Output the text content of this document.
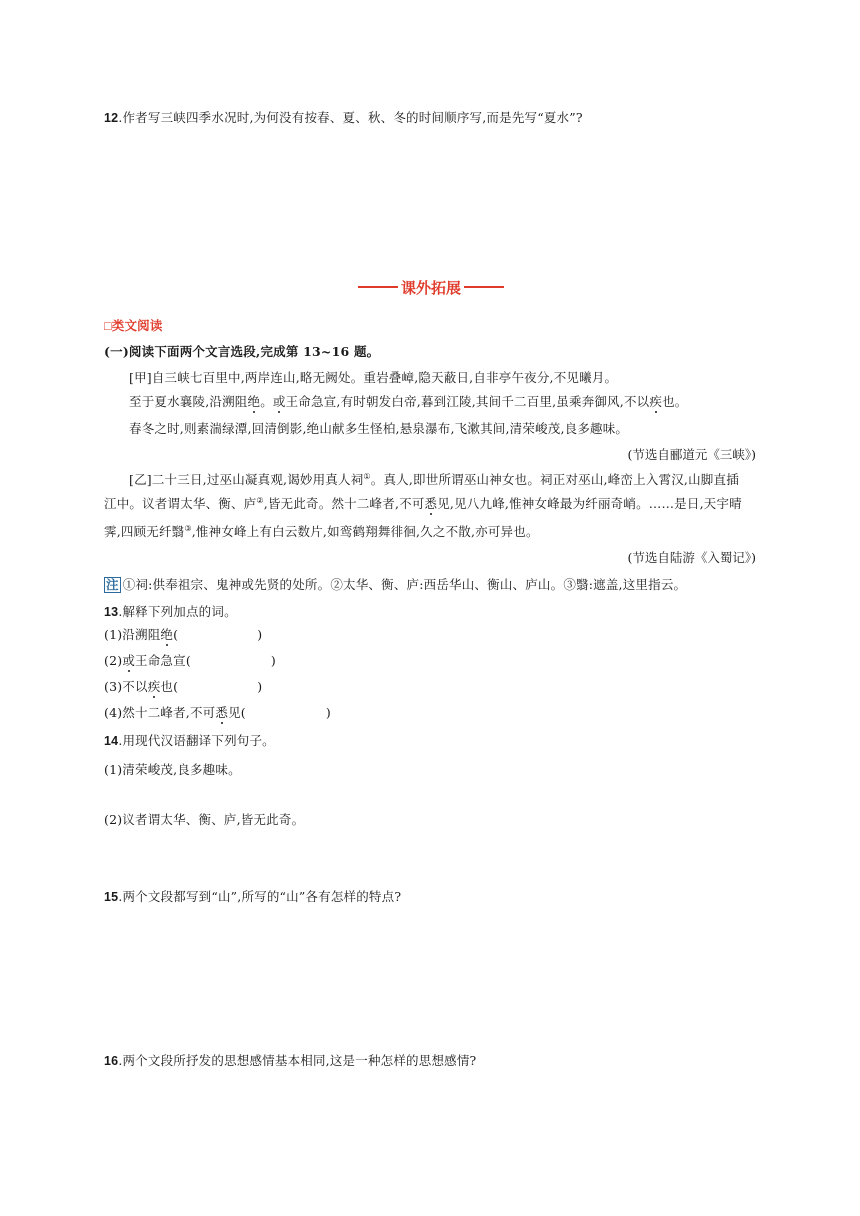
12.作者写三峡四季水况时,为何没有按春、夏、秋、冬的时间顺序写,而是先写“夏水”?
课外拓展
□类文阅读
(一)阅读下面两个文言选段,完成第 13~16 题。
[甲]自三峡七百里中,两岸连山,略无阙处。重岩叠嶂,隐天蔽日,自非亭午夜分,不见曦月。
至于夏水襄陵,沿溯阻绝。或王命急宣,有时朝发白帝,暮到江陵,其间千二百里,虽乘奔御风,不以疾也。
春冬之时,则素湍绿潭,回清倒影,绝山献多生怪柏,悬泉瀑布,飞漱其间,清荣峻茂,良多趣味。
(节选自郦道元《三峡》)
[乙]二十三日,过巫山凝真观,谒妙用真人祠①。真人,即世所谓巫山神女也。祠正对巫山,峰峦上入霄汉,山脚直插
江中。议者谓太华、衡、庐②,皆无此奇。然十二峰者,不可悉见,见八九峰,惟神女峰最为纤丽奇峭。……是日,天宇晴
霁,四顾无纤翳③,惟神女峰上有白云数片,如鸾鹤翔舞徘徊,久之不散,亦可异也。
(节选自陆游《入蜀记》)
注 ①祠:供奉祖宗、鬼神或先贤的处所。②太华、衡、庐:西岳华山、衡山、庐山。③翳:遮盖,这里指云。
13.解释下列加点的词。
(1)沿溯阻绝(	)
(2)或王命急宣(	)
(3)不以疾也(	)
(4)然十二峰者,不可悉见(	)
14.用现代汉语翻译下列句子。
(1)清荣峻茂,良多趣味。
(2)议者谓太华、衡、庐,皆无此奇。
15.两个文段都写到“山”,所写的“山”各有怎样的特点?
16.两个文段所抒发的思想感情基本相同,这是一种怎样的思想感情?
